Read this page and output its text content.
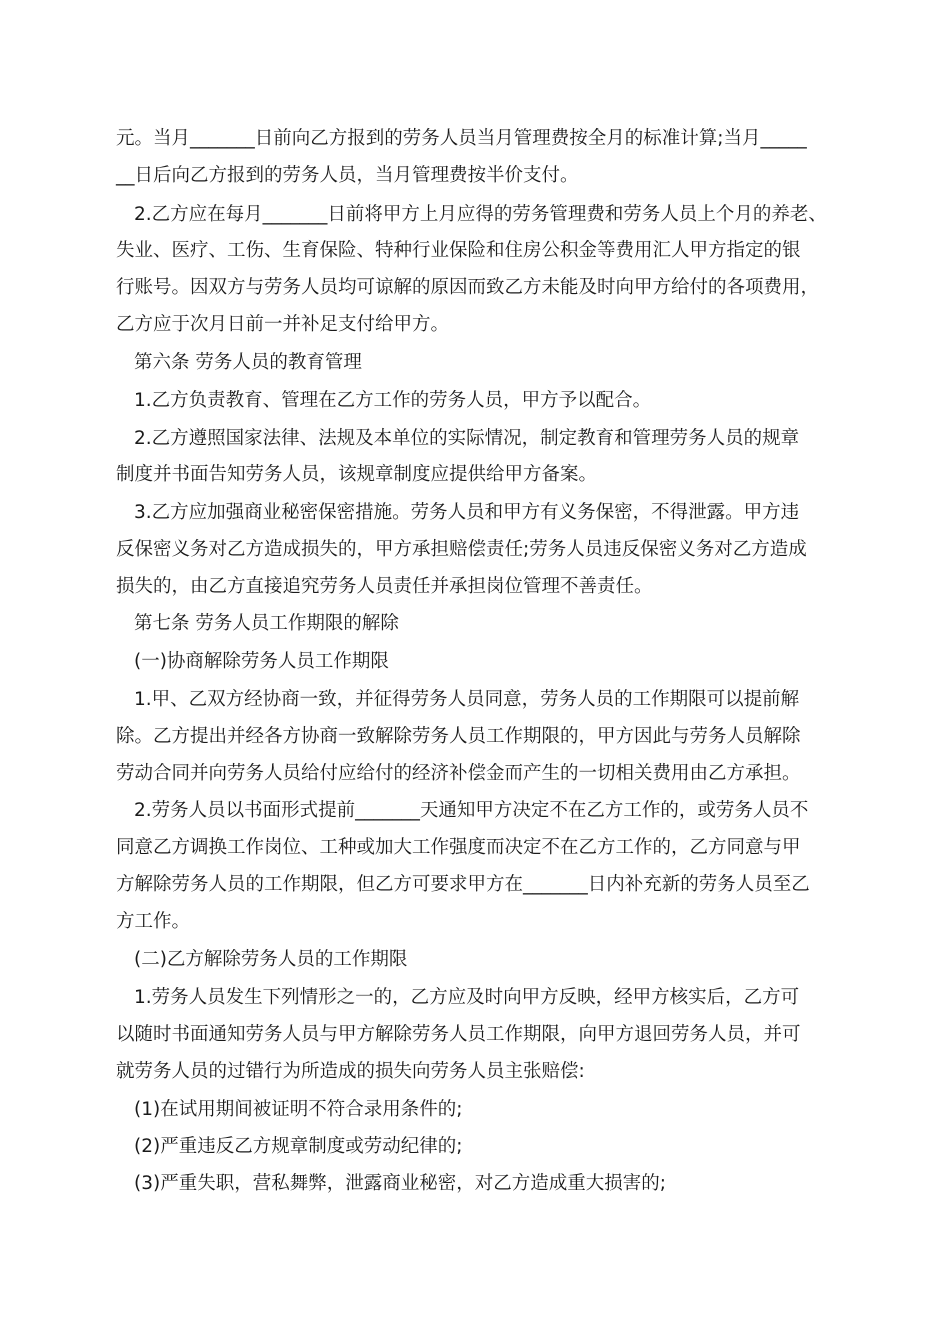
元。当月_______日前向乙方报到的劳务人员当月管理费按全月的标准计算;当月_____
__日后向乙方报到的劳务人员，当月管理费按半价支付。
2.乙方应在每月_______日前将甲方上月应得的劳务管理费和劳务人员上个月的养老、
失业、医疗、工伤、生育保险、特种行业保险和住房公积金等费用汇人甲方指定的银
行账号。因双方与劳务人员均可谅解的原因而致乙方未能及时向甲方给付的各项费用，
乙方应于次月日前一并补足支付给甲方。
第六条 劳务人员的教育管理
1.乙方负责教育、管理在乙方工作的劳务人员，甲方予以配合。
2.乙方遵照国家法律、法规及本单位的实际情况，制定教育和管理劳务人员的规章
制度并书面告知劳务人员，该规章制度应提供给甲方备案。
3.乙方应加强商业秘密保密措施。劳务人员和甲方有义务保密，不得泄露。甲方违
反保密义务对乙方造成损失的，甲方承担赔偿责任;劳务人员违反保密义务对乙方造成
损失的，由乙方直接追究劳务人员责任并承担岗位管理不善责任。
第七条 劳务人员工作期限的解除
(一)协商解除劳务人员工作期限
1.甲、乙双方经协商一致，并征得劳务人员同意，劳务人员的工作期限可以提前解
除。乙方提出并经各方协商一致解除劳务人员工作期限的，甲方因此与劳务人员解除
劳动合同并向劳务人员给付应给付的经济补偿金而产生的一切相关费用由乙方承担。
2.劳务人员以书面形式提前_______天通知甲方决定不在乙方工作的，或劳务人员不
同意乙方调换工作岗位、工种或加大工作强度而决定不在乙方工作的，乙方同意与甲
方解除劳务人员的工作期限，但乙方可要求甲方在_______日内补充新的劳务人员至乙
方工作。
(二)乙方解除劳务人员的工作期限
1.劳务人员发生下列情形之一的，乙方应及时向甲方反映，经甲方核实后，乙方可
以随时书面通知劳务人员与甲方解除劳务人员工作期限，向甲方退回劳务人员，并可
就劳务人员的过错行为所造成的损失向劳务人员主张赔偿:
(1)在试用期间被证明不符合录用条件的;
(2)严重违反乙方规章制度或劳动纪律的;
(3)严重失职，营私舞弊，泄露商业秘密，对乙方造成重大损害的;
